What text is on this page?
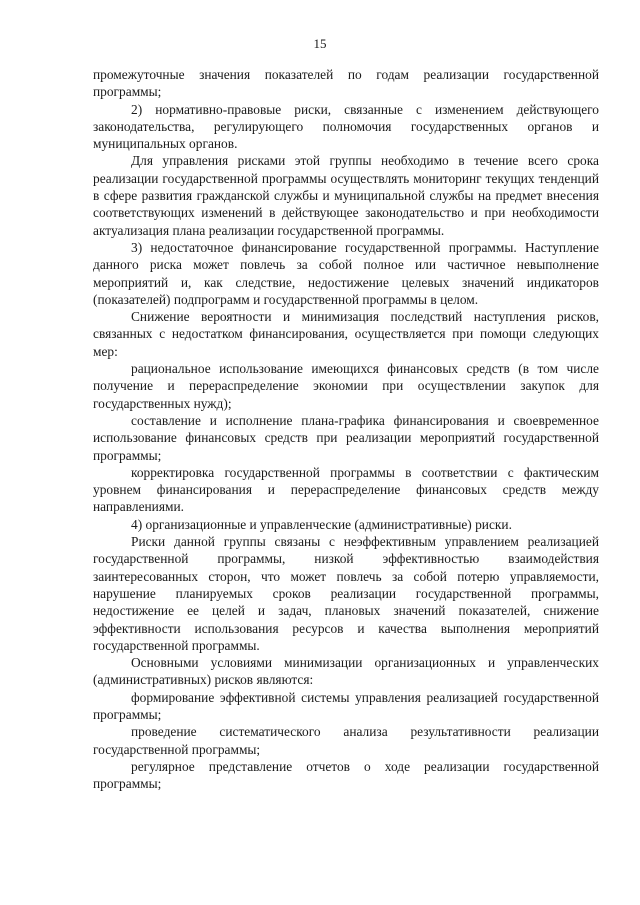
15

промежуточные значения показателей по годам реализации государственной программы;

2) нормативно-правовые риски, связанные с изменением действующего законодательства, регулирующего полномочия государственных органов и муниципальных органов.

Для управления рисками этой группы необходимо в течение всего срока реализации государственной программы осуществлять мониторинг текущих тенденций в сфере развития гражданской службы и муниципальной службы на предмет внесения соответствующих изменений в действующее законодательство и при необходимости актуализация плана реализации государственной программы.

3) недостаточное финансирование государственной программы. Наступление данного риска может повлечь за собой полное или частичное невыполнение мероприятий и, как следствие, недостижение целевых значений индикаторов (показателей) подпрограмм и государственной программы в целом.

Снижение вероятности и минимизация последствий наступления рисков, связанных с недостатком финансирования, осуществляется при помощи следующих мер:

рациональное использование имеющихся финансовых средств (в том числе получение и перераспределение экономии при осуществлении закупок для государственных нужд);

составление и исполнение плана-графика финансирования и своевременное использование финансовых средств при реализации мероприятий государственной программы;

корректировка государственной программы в соответствии с фактическим уровнем финансирования и перераспределение финансовых средств между направлениями.

4) организационные и управленческие (административные) риски.

Риски данной группы связаны с неэффективным управлением реализацией государственной программы, низкой эффективностью взаимодействия заинтересованных сторон, что может повлечь за собой потерю управляемости, нарушение планируемых сроков реализации государственной программы, недостижение ее целей и задач, плановых значений показателей, снижение эффективности использования ресурсов и качества выполнения мероприятий государственной программы.

Основными условиями минимизации организационных и управленческих (административных) рисков являются:

формирование эффективной системы управления реализацией государственной программы;

проведение систематического анализа результативности реализации государственной программы;

регулярное представление отчетов о ходе реализации государственной программы;
